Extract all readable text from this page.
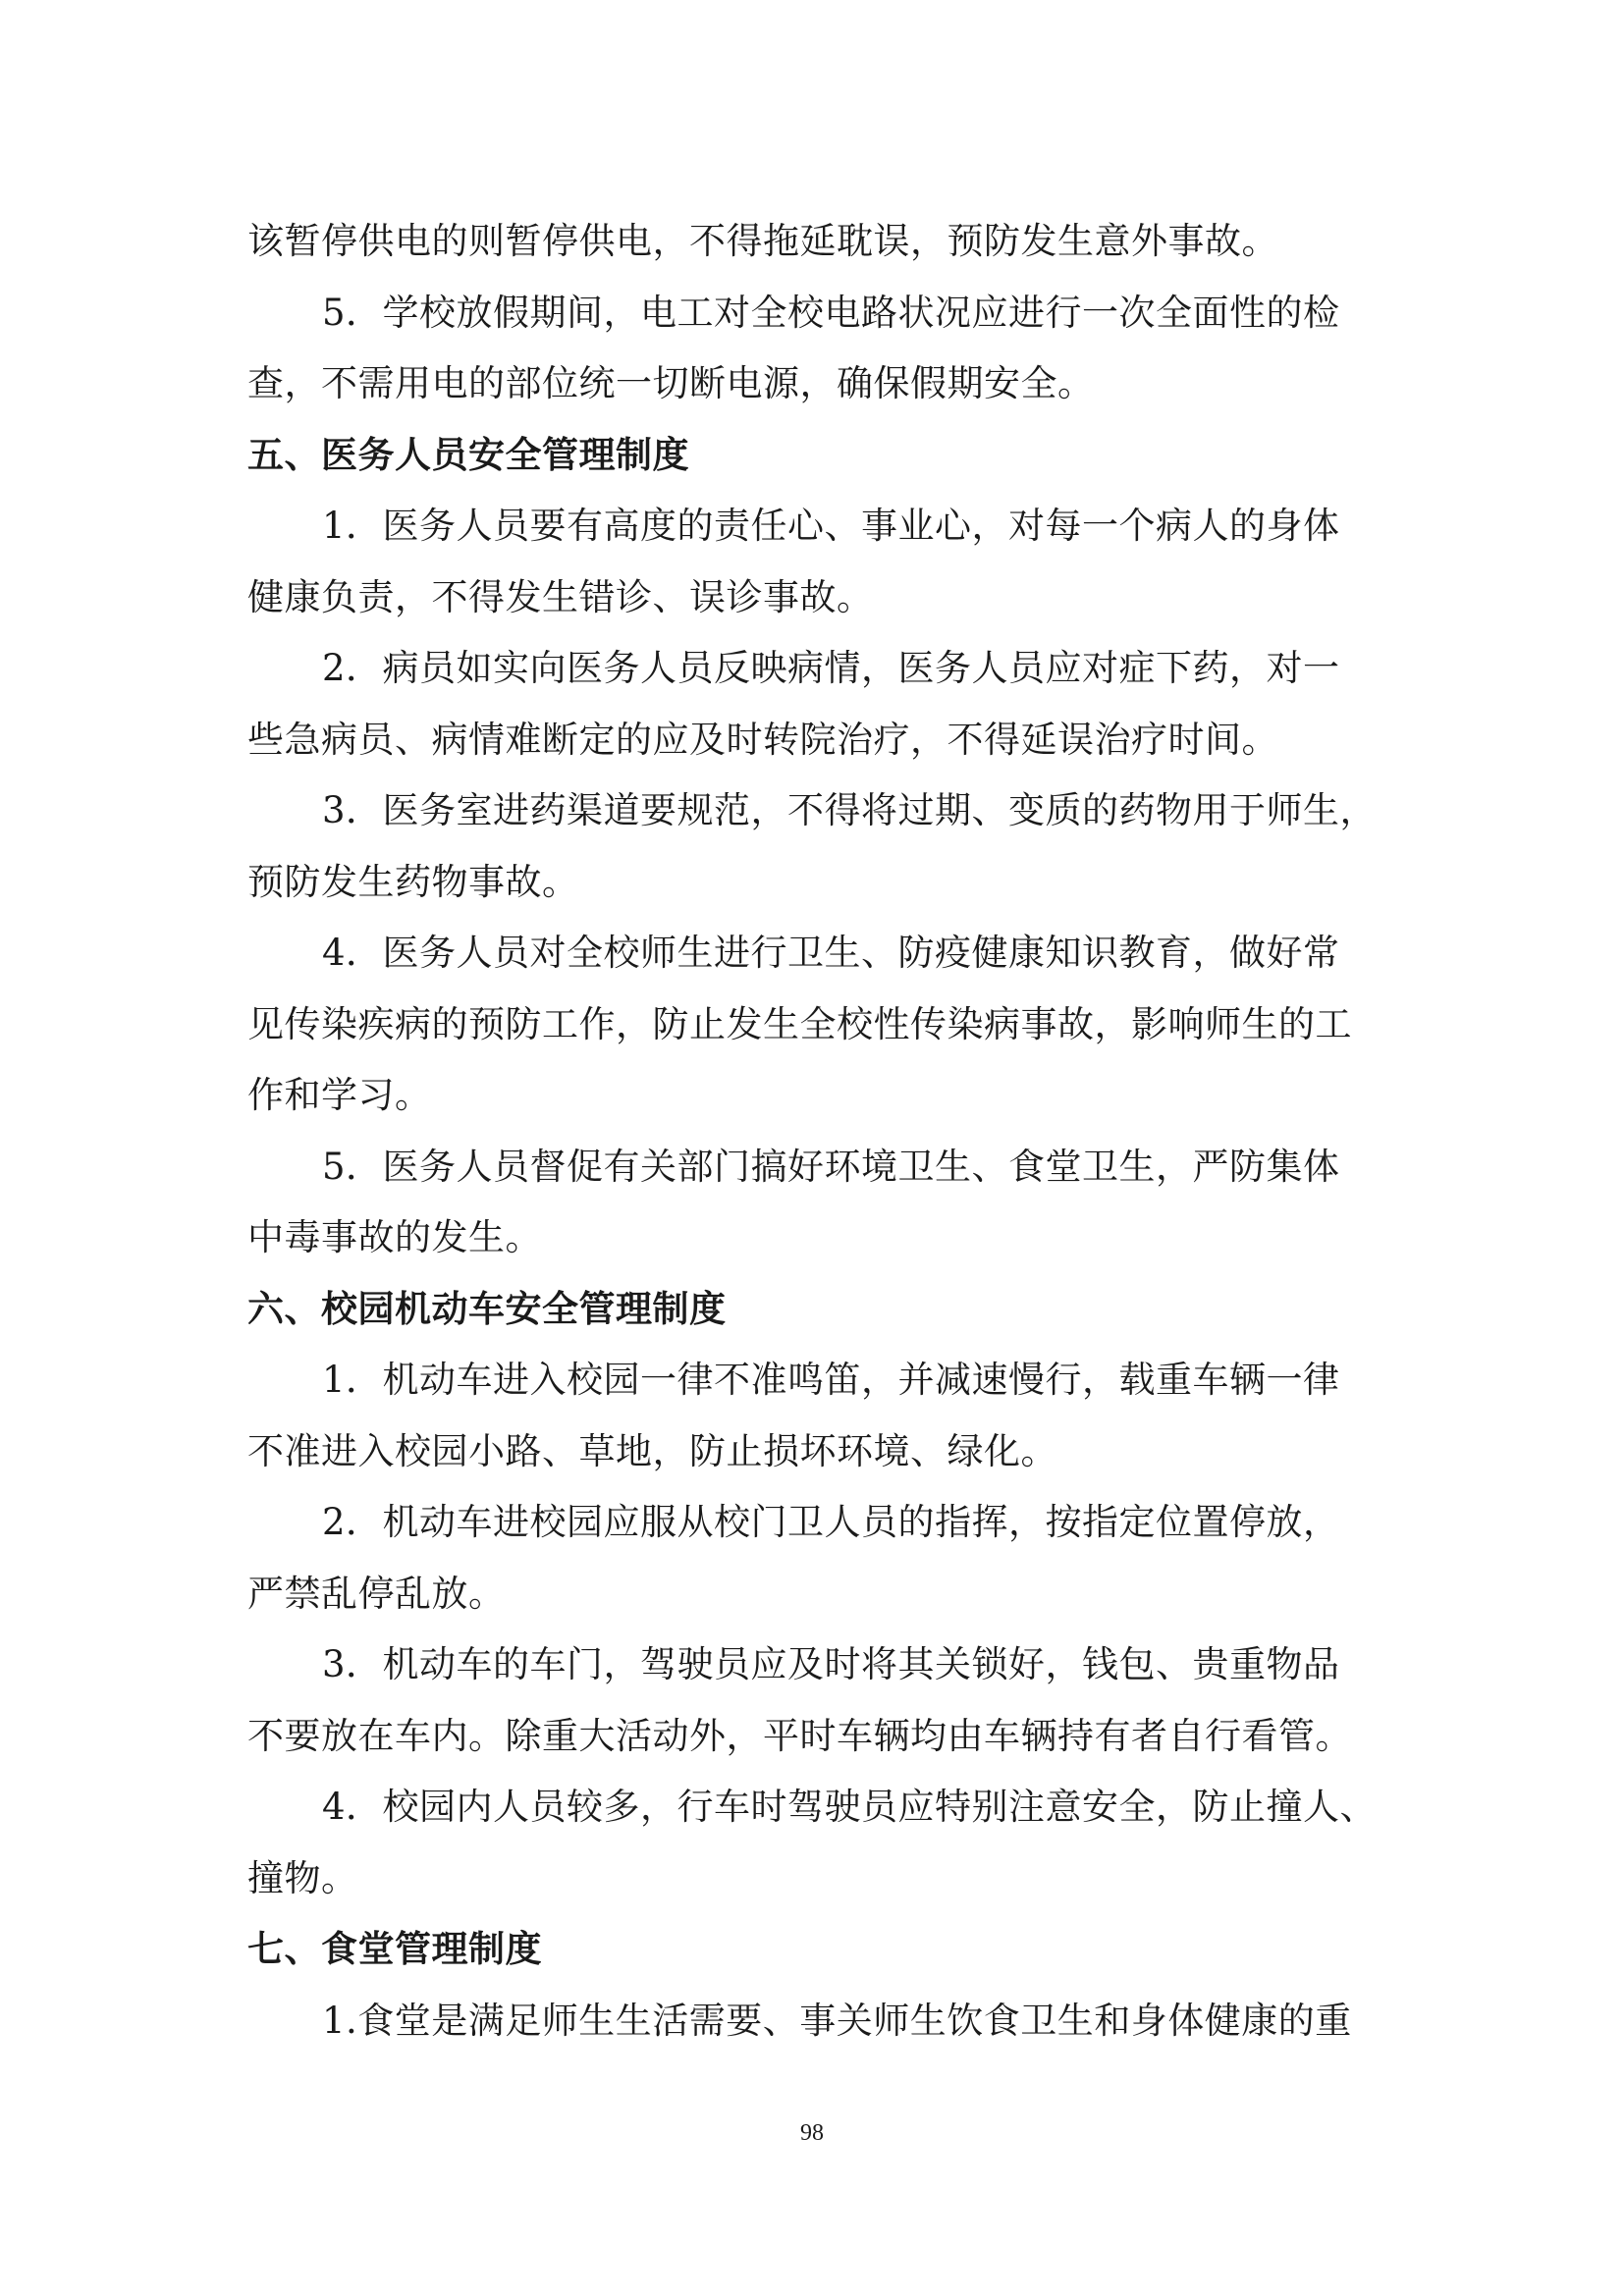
该暂停供电的则暂停供电，不得拖延耽误，预防发生意外事故。
5．学校放假期间，电工对全校电路状况应进行一次全面性的检
查，不需用电的部位统一切断电源，确保假期安全。
五、医务人员安全管理制度
1．医务人员要有高度的责任心、事业心，对每一个病人的身体
健康负责，不得发生错诊、误诊事故。
2．病员如实向医务人员反映病情，医务人员应对症下药，对一
些急病员、病情难断定的应及时转院治疗，不得延误治疗时间。
3．医务室进药渠道要规范，不得将过期、变质的药物用于师生，
预防发生药物事故。
4．医务人员对全校师生进行卫生、防疫健康知识教育，做好常
见传染疾病的预防工作，防止发生全校性传染病事故，影响师生的工
作和学习。
5．医务人员督促有关部门搞好环境卫生、食堂卫生，严防集体
中毒事故的发生。
六、校园机动车安全管理制度
1．机动车进入校园一律不准鸣笛，并减速慢行，载重车辆一律
不准进入校园小路、草地，防止损坏环境、绿化。
2．机动车进校园应服从校门卫人员的指挥，按指定位置停放，
严禁乱停乱放。
3．机动车的车门，驾驶员应及时将其关锁好，钱包、贵重物品
不要放在车内。除重大活动外，平时车辆均由车辆持有者自行看管。
4．校园内人员较多，行车时驾驶员应特别注意安全，防止撞人、
撞物。
七、食堂管理制度
1.食堂是满足师生生活需要、事关师生饮食卫生和身体健康的重
98
